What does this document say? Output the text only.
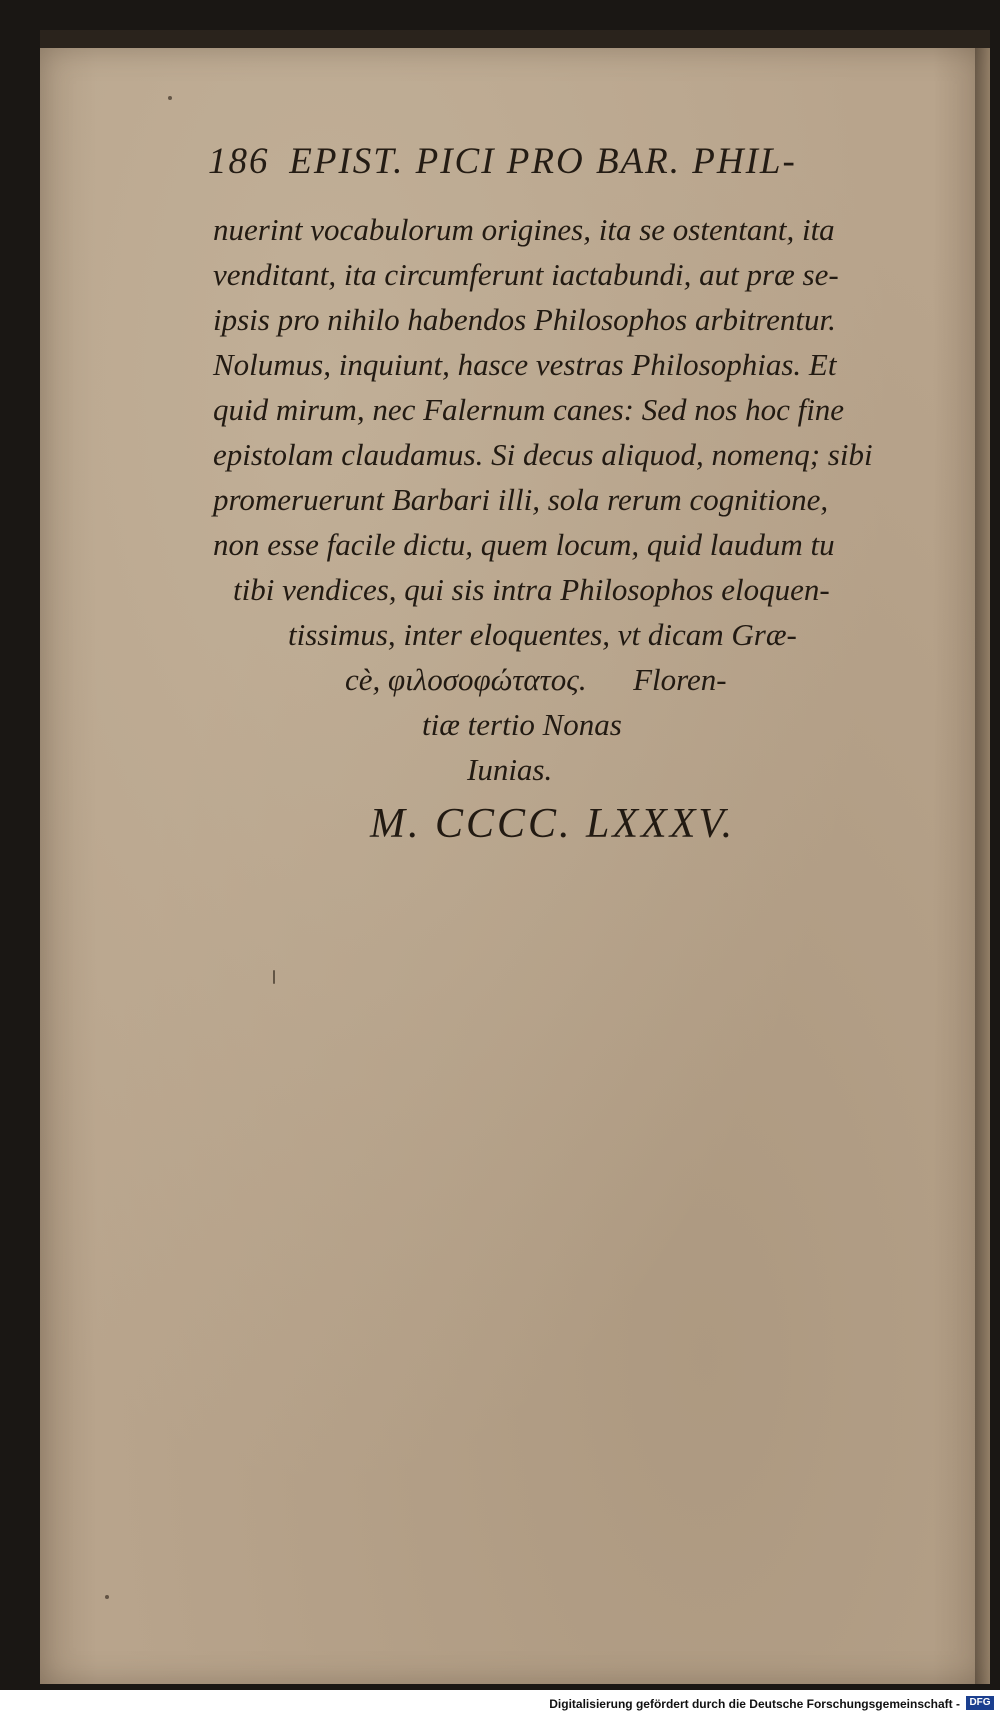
186 EPIST. PICI PRO BAR. PHIL-
nuerint vocabulorum origines, ita se ostentant, ita
venditant, ita circumferunt iactabundi, aut præ se-
ipsis pro nihilo habendos Philosophos arbitrentur.
Nolumus, inquiunt, hasce vestras Philosophias. Et
quid mirum, nec Falernum canes: Sed nos hoc fine
epistolam claudamus. Si decus aliquod, nomenq; sibi
promeruerunt Barbari illi, sola rerum cognitione,
non esse facile dictu, quem locum, quid laudum tu
tibi vendices, qui sis intra Philosophos eloquen-
tissimus, inter eloquentes, vt dicam Græ-
cè, φιλοσοφώτατος.      Floren-
tiæ tertio Nonas
Iunias.
M. CCCC. LXXXV.
Digitalisierung gefördert durch die Deutsche Forschungsgemeinschaft - DFG
